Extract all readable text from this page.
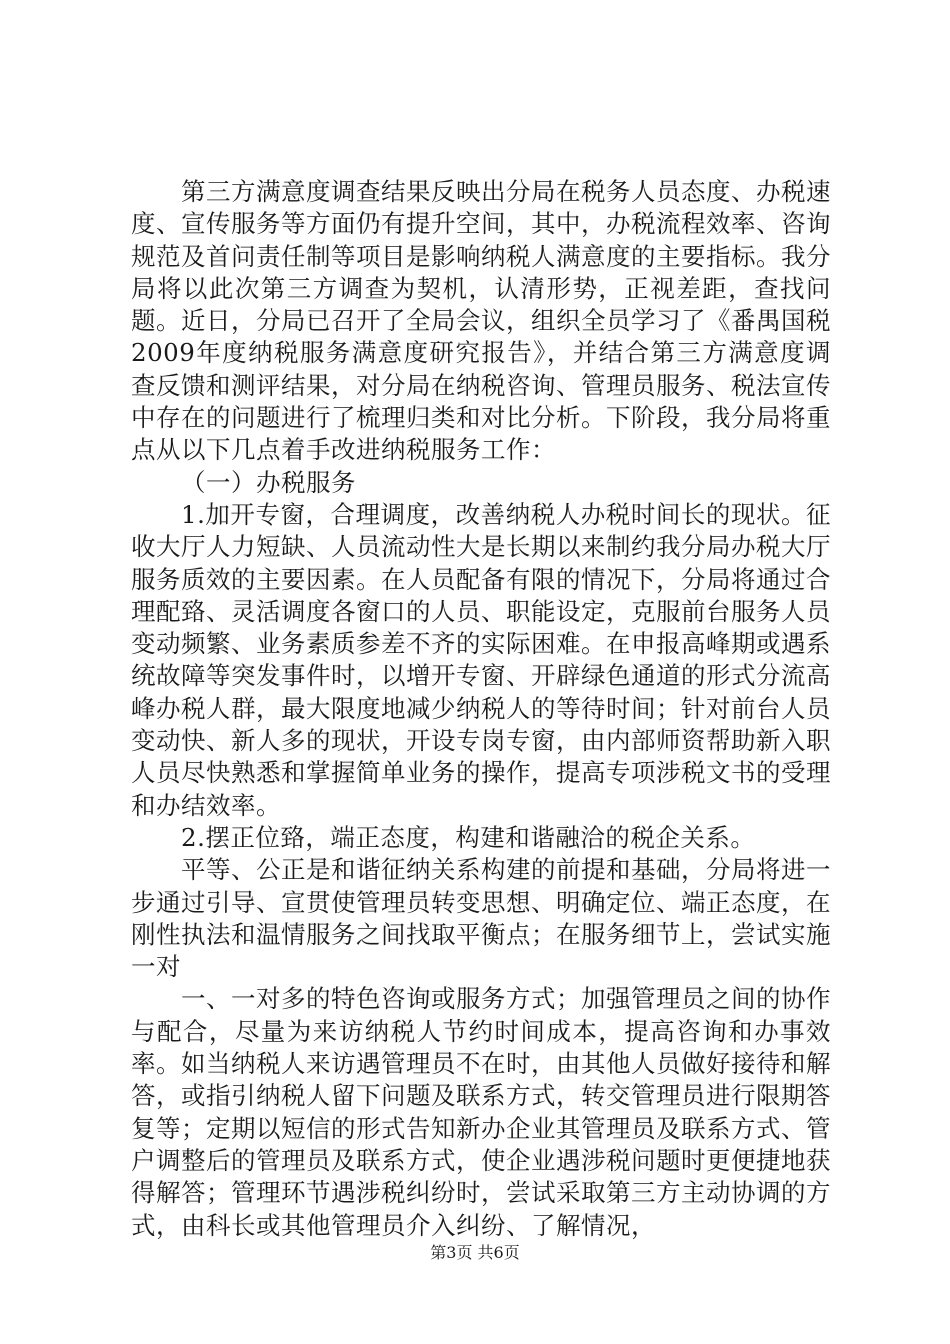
第三方满意度调查结果反映出分局在税务人员态度、办税速度、宣传服务等方面仍有提升空间，其中，办税流程效率、咨询规范及首问责任制等项目是影响纳税人满意度的主要指标。我分局将以此次第三方调查为契机，认清形势，正视差距，查找问题。近日，分局已召开了全局会议，组织全员学习了《番禺国税2009年度纳税服务满意度研究报告》，并结合第三方满意度调查反馈和测评结果，对分局在纳税咨询、管理员服务、税法宣传中存在的问题进行了梳理归类和对比分析。下阶段，我分局将重点从以下几点着手改进纳税服务工作：

（一）办税服务

1.加开专窗，合理调度，改善纳税人办税时间长的现状。征收大厅人力短缺、人员流动性大是长期以来制约我分局办税大厅服务质效的主要因素。在人员配备有限的情况下，分局将通过合理配臵、灵活调度各窗口的人员、职能设定，克服前台服务人员变动频繁、业务素质参差不齐的实际困难。在申报高峰期或遇系统故障等突发事件时，以增开专窗、开辟绿色通道的形式分流高峰办税人群，最大限度地减少纳税人的等待时间；针对前台人员变动快、新人多的现状，开设专岗专窗，由内部师资帮助新入职人员尽快熟悉和掌握简单业务的操作，提高专项涉税文书的受理和办结效率。

2.摆正位臵，端正态度，构建和谐融洽的税企关系。

平等、公正是和谐征纳关系构建的前提和基础，分局将进一步通过引导、宣贯使管理员转变思想、明确定位、端正态度，在刚性执法和温情服务之间找取平衡点；在服务细节上，尝试实施一对

一、一对多的特色咨询或服务方式；加强管理员之间的协作与配合，尽量为来访纳税人节约时间成本，提高咨询和办事效率。如当纳税人来访遇管理员不在时，由其他人员做好接待和解答，或指引纳税人留下问题及联系方式，转交管理员进行限期答复等；定期以短信的形式告知新办企业其管理员及联系方式、管户调整后的管理员及联系方式，使企业遇涉税问题时更便捷地获得解答；管理环节遇涉税纠纷时，尝试采取第三方主动协调的方式，由科长或其他管理员介入纠纷、了解情况，

第3页 共6页
